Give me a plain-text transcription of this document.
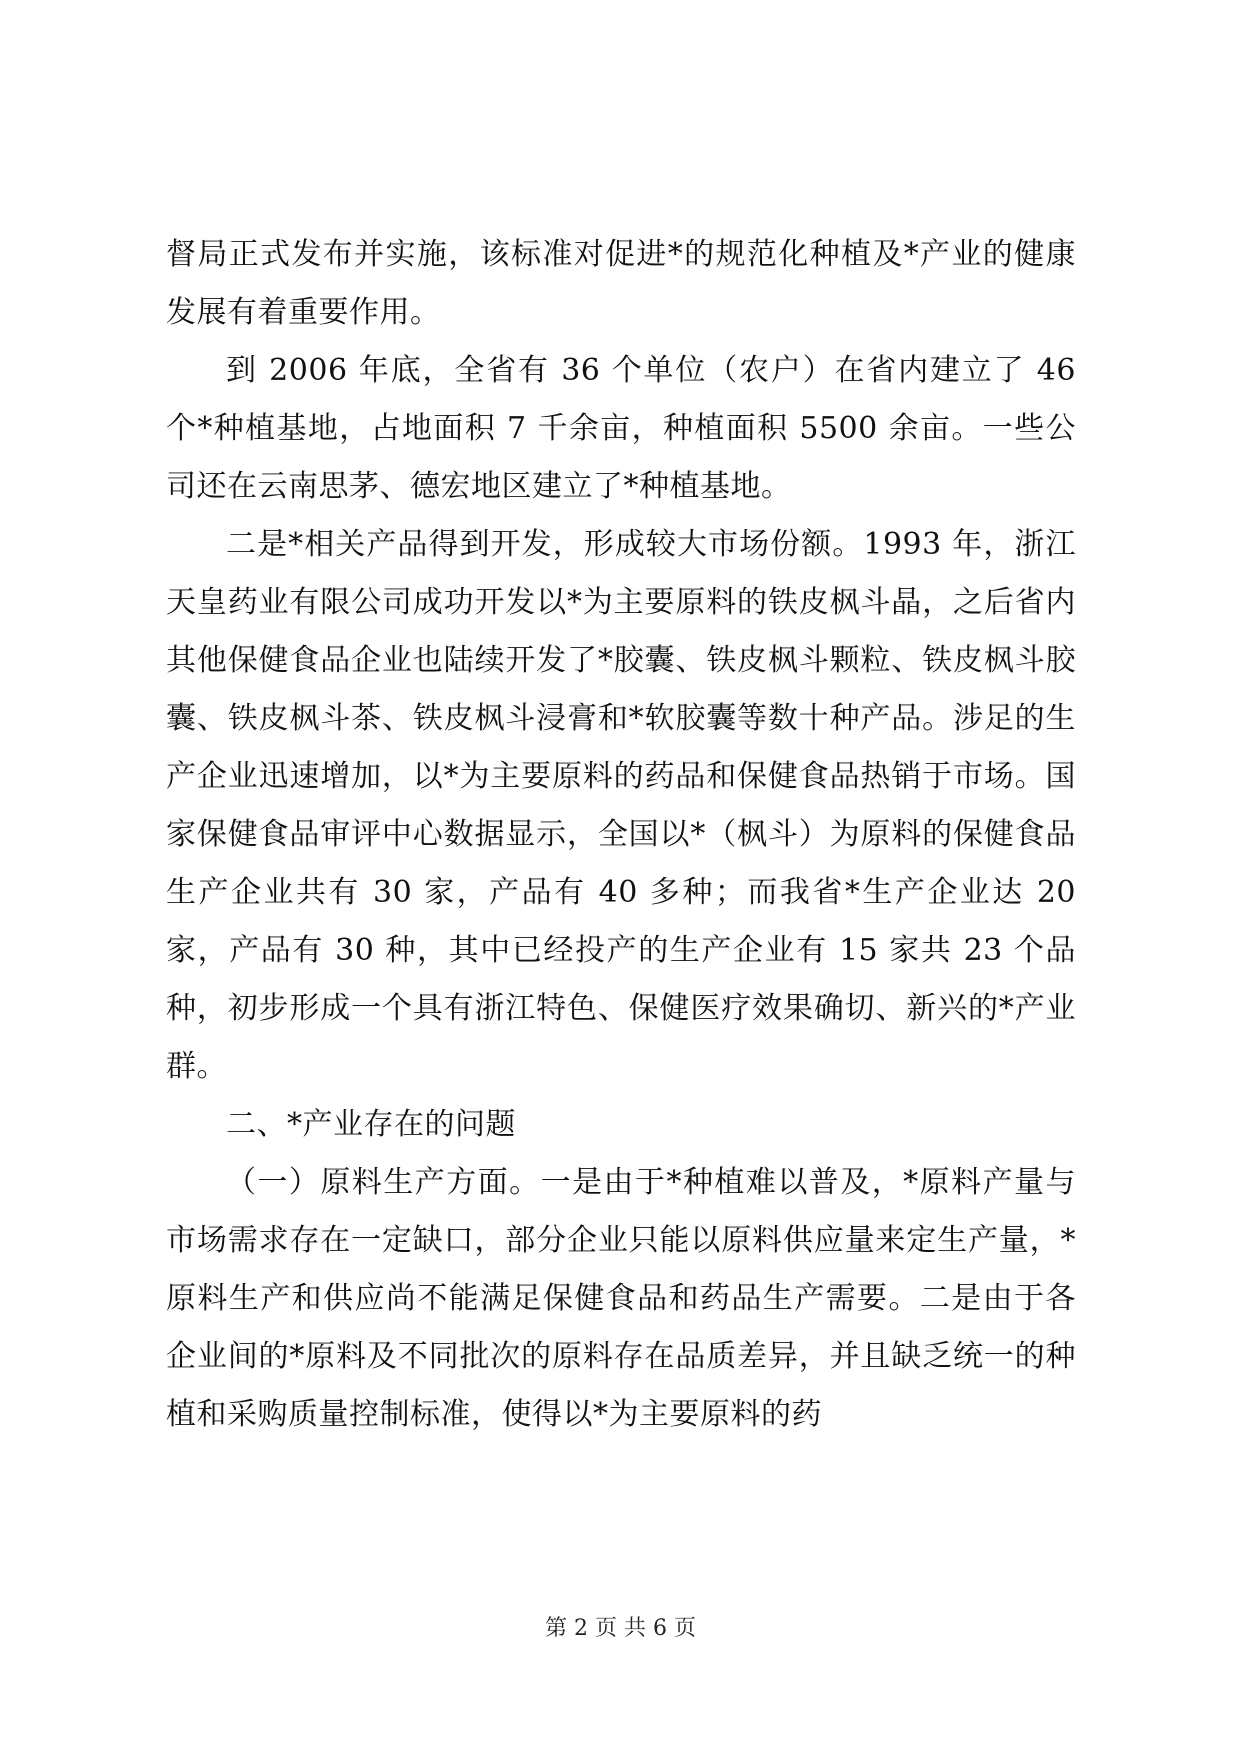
督局正式发布并实施，该标准对促进*的规范化种植及*产业的健康发展有着重要作用。

到 2006 年底，全省有 36 个单位（农户）在省内建立了 46 个*种植基地，占地面积 7 千余亩，种植面积 5500 余亩。一些公司还在云南思茅、德宏地区建立了*种植基地。

二是*相关产品得到开发，形成较大市场份额。1993 年，浙江天皇药业有限公司成功开发以*为主要原料的铁皮枫斗晶，之后省内其他保健食品企业也陆续开发了*胶囊、铁皮枫斗颗粒、铁皮枫斗胶囊、铁皮枫斗茶、铁皮枫斗浸膏和*软胶囊等数十种产品。涉足的生产企业迅速增加，以*为主要原料的药品和保健食品热销于市场。国家保健食品审评中心数据显示，全国以*（枫斗）为原料的保健食品生产企业共有 30 家，产品有 40 多种；而我省*生产企业达 20 家，产品有 30 种，其中已经投产的生产企业有 15 家共 23 个品种，初步形成一个具有浙江特色、保健医疗效果确切、新兴的*产业群。

二、*产业存在的问题

（一）原料生产方面。一是由于*种植难以普及，*原料产量与市场需求存在一定缺口，部分企业只能以原料供应量来定生产量，*原料生产和供应尚不能满足保健食品和药品生产需要。二是由于各企业间的*原料及不同批次的原料存在品质差异，并且缺乏统一的种植和采购质量控制标准，使得以*为主要原料的药

第 2 页 共 6 页
